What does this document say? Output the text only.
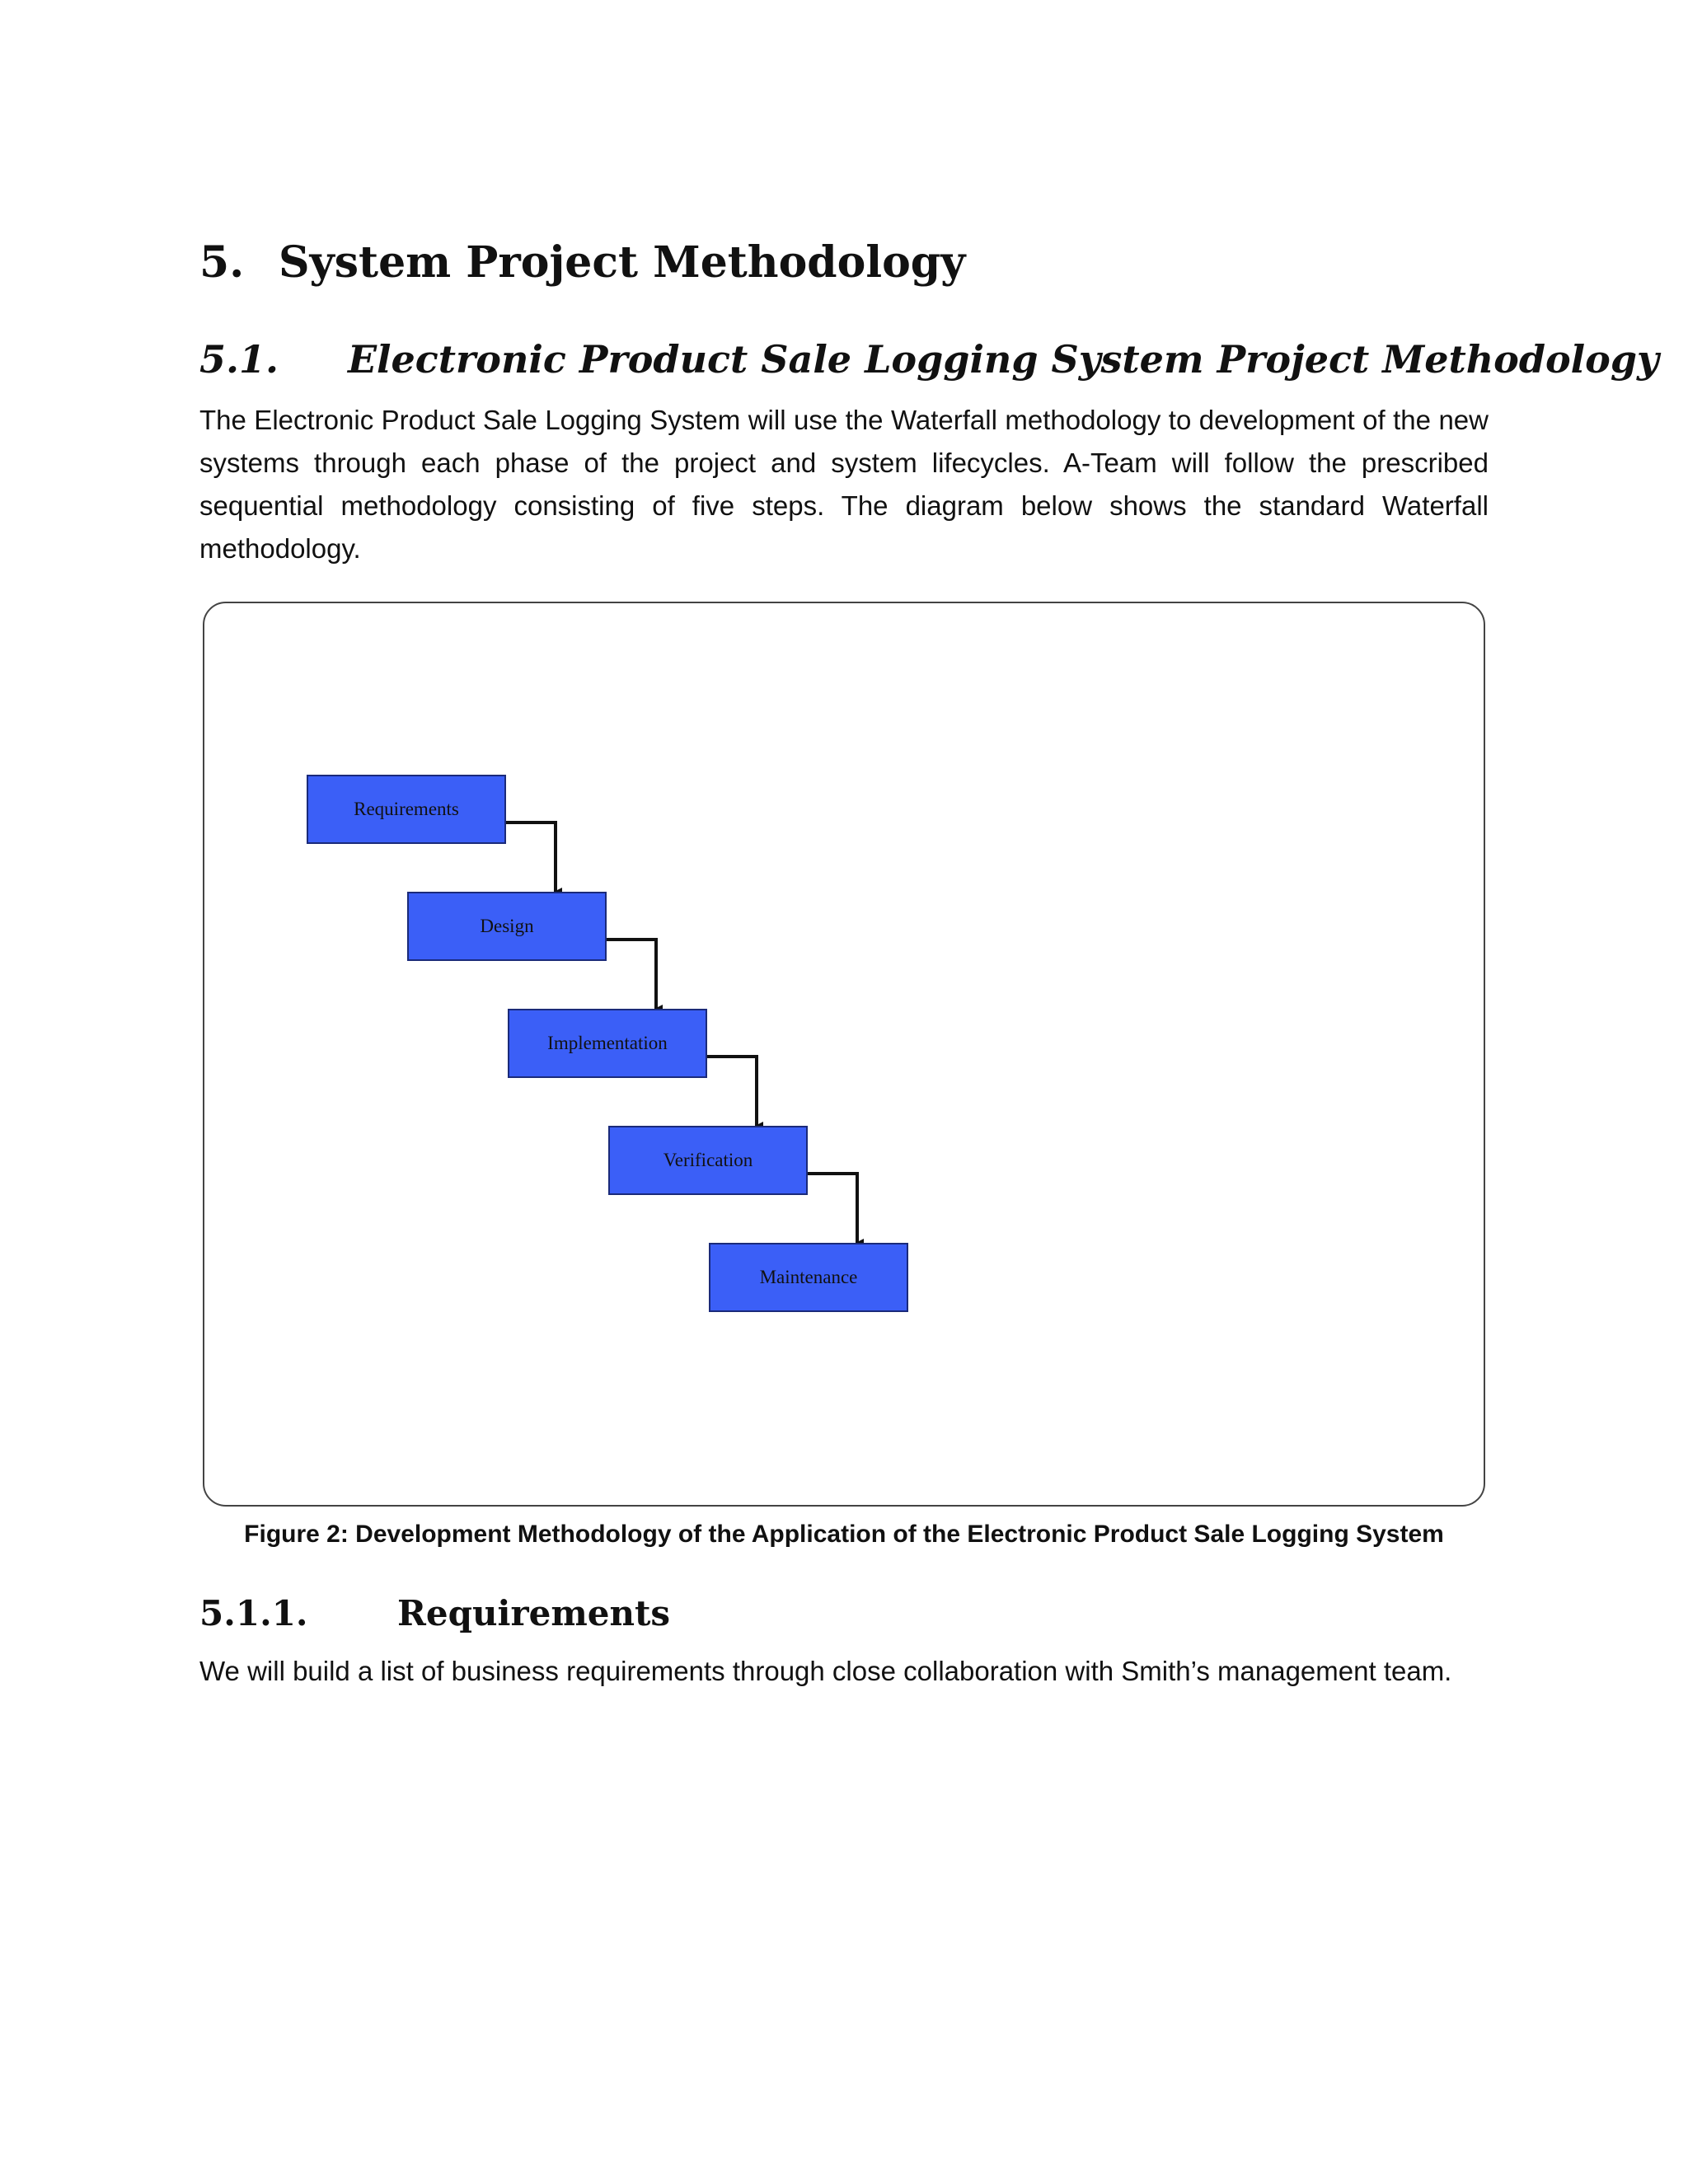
5. System Project Methodology
5.1. Electronic Product Sale Logging System Project Methodology

The Electronic Product Sale Logging System will use the Waterfall methodology to development of the new systems through each phase of the project and system lifecycles. A-Team will follow the prescribed sequential methodology consisting of five steps. The diagram below shows the standard Waterfall methodology.

Requirements
Design
Implementation
Verification
Maintenance

Figure 2: Development Methodology of the Application of the Electronic Product Sale Logging System

5.1.1.	Requirements

We will build a list of business requirements through close collaboration with Smith’s management team.
